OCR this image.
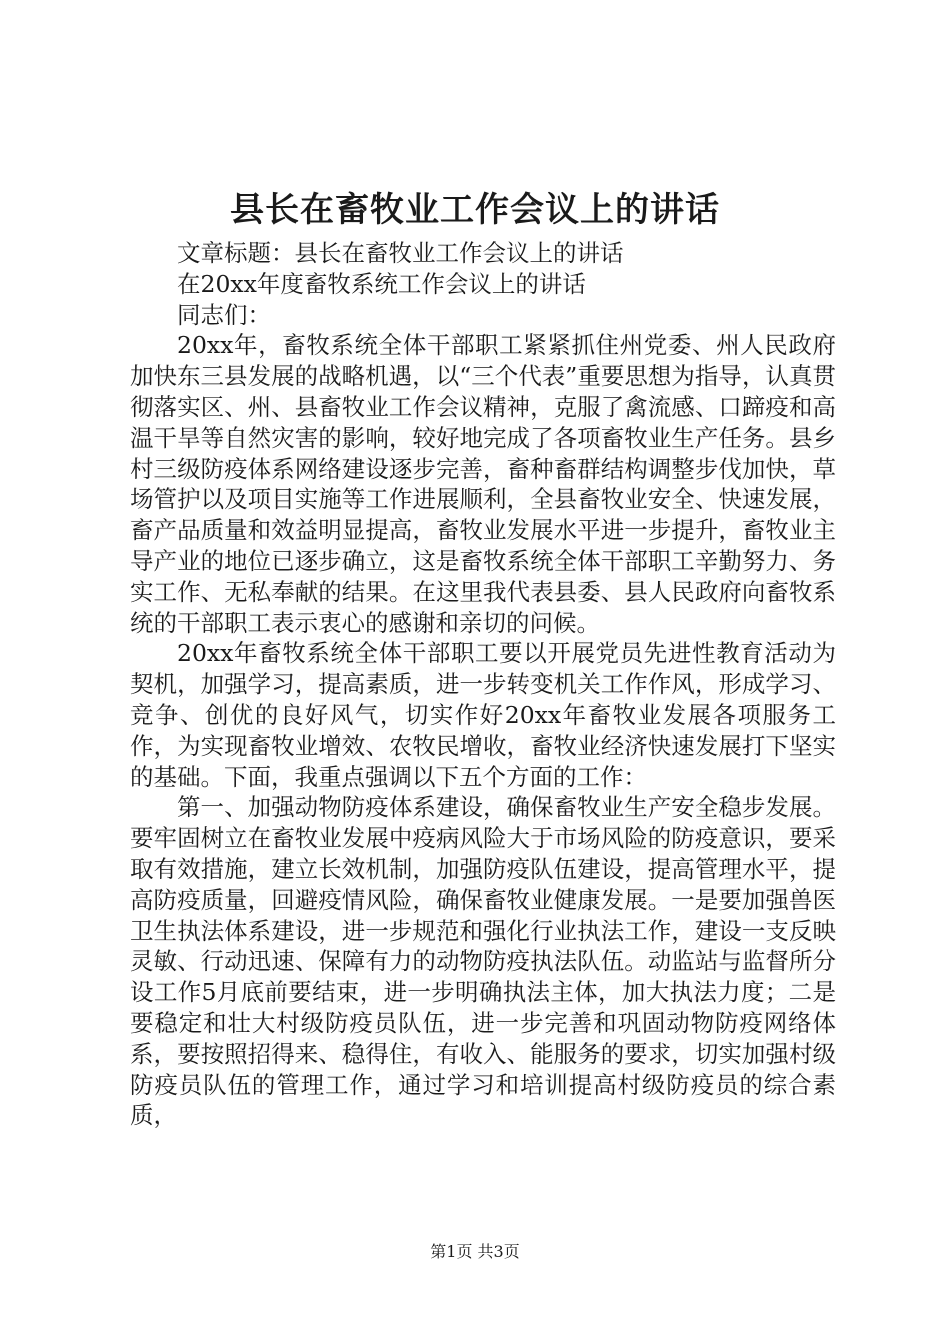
县长在畜牧业工作会议上的讲话

文章标题：县长在畜牧业工作会议上的讲话

在20xx年度畜牧系统工作会议上的讲话

同志们：

20xx年，畜牧系统全体干部职工紧紧抓住州党委、州人民政府加快东三县发展的战略机遇，以“三个代表”重要思想为指导，认真贯彻落实区、州、县畜牧业工作会议精神，克服了禽流感、口蹄疫和高温干旱等自然灾害的影响，较好地完成了各项畜牧业生产任务。县乡村三级防疫体系网络建设逐步完善，畜种畜群结构调整步伐加快，草场管护以及项目实施等工作进展顺利，全县畜牧业安全、快速发展，畜产品质量和效益明显提高，畜牧业发展水平进一步提升，畜牧业主导产业的地位已逐步确立，这是畜牧系统全体干部职工辛勤努力、务实工作、无私奉献的结果。在这里我代表县委、县人民政府向畜牧系统的干部职工表示衷心的感谢和亲切的问候。

20xx年畜牧系统全体干部职工要以开展党员先进性教育活动为契机，加强学习，提高素质，进一步转变机关工作作风，形成学习、竞争、创优的良好风气，切实作好20xx年畜牧业发展各项服务工作，为实现畜牧业增效、农牧民增收，畜牧业经济快速发展打下坚实的基础。下面，我重点强调以下五个方面的工作：

第一、加强动物防疫体系建设，确保畜牧业生产安全稳步发展。要牢固树立在畜牧业发展中疫病风险大于市场风险的防疫意识，要采取有效措施，建立长效机制，加强防疫队伍建设，提高管理水平，提高防疫质量，回避疫情风险，确保畜牧业健康发展。一是要加强兽医卫生执法体系建设，进一步规范和强化行业执法工作，建设一支反映灵敏、行动迅速、保障有力的动物防疫执法队伍。动监站与监督所分设工作5月底前要结束，进一步明确执法主体，加大执法力度；二是要稳定和壮大村级防疫员队伍，进一步完善和巩固动物防疫网络体系，要按照招得来、稳得住，有收入、能服务的要求，切实加强村级防疫员队伍的管理工作，通过学习和培训提高村级防疫员的综合素质，

第1页 共3页
